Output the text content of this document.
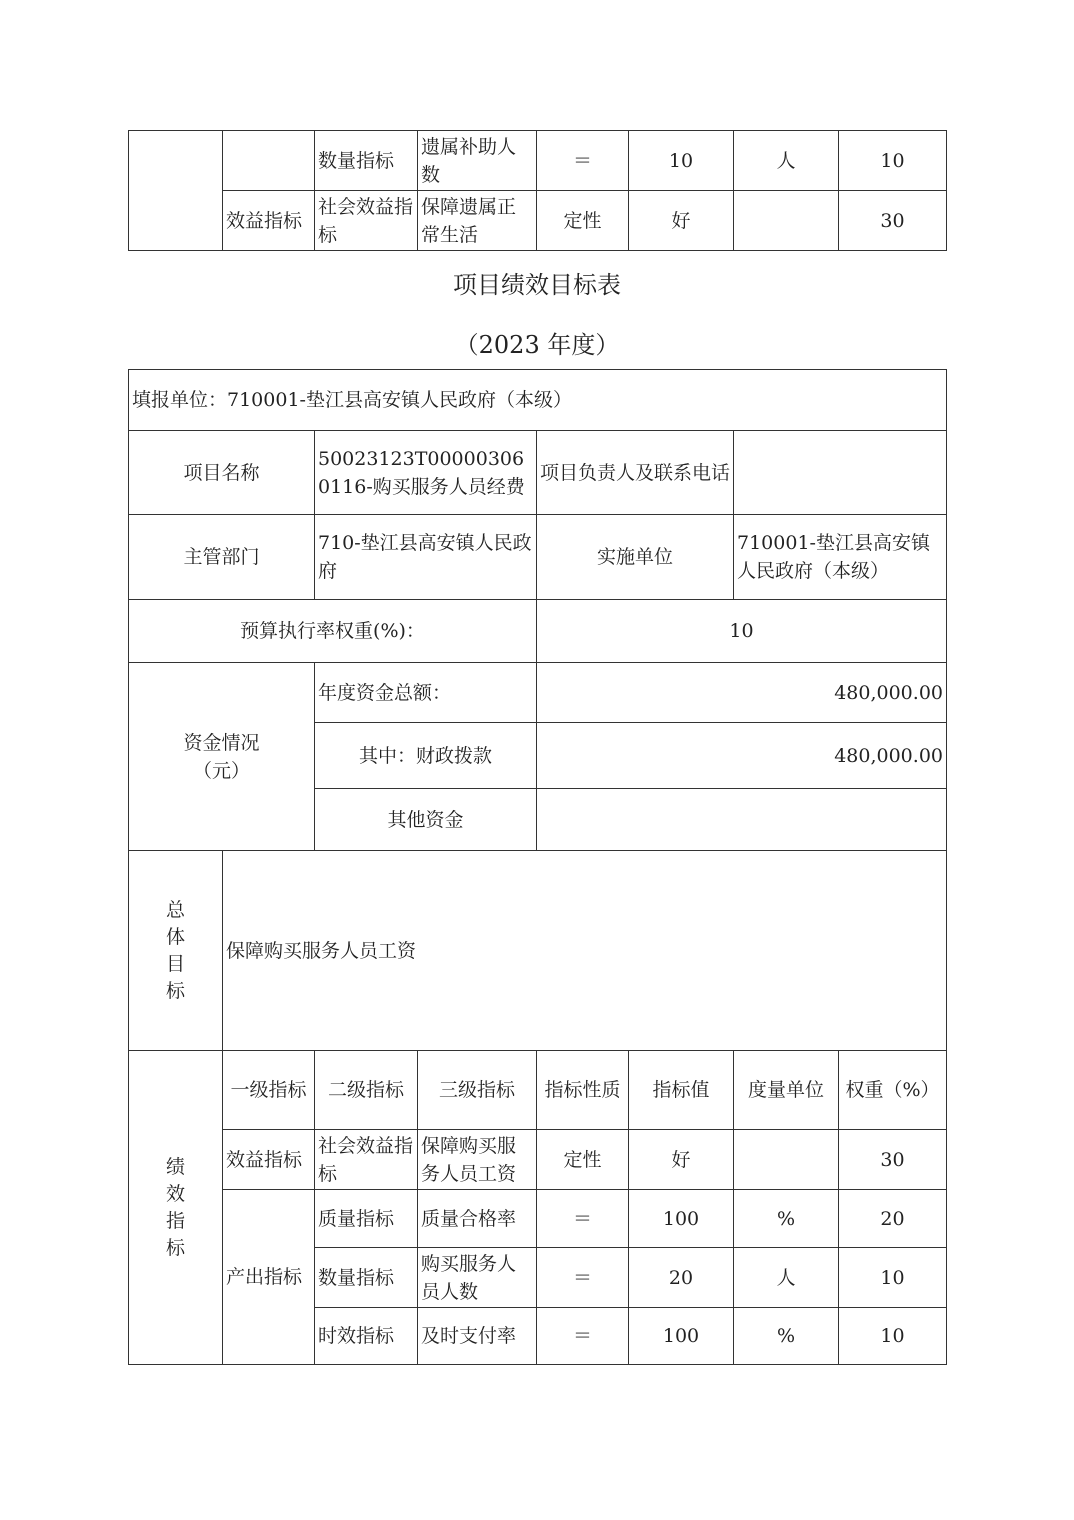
		数量指标	遗属补助人数	＝	10	人	10
	效益指标	社会效益指标	保障遗属正常生活	定性	好		30
项目绩效目标表
（2023 年度）
填报单位：710001-垫江县高安镇人民政府（本级）							
项目名称		50023123T000003060116-购买服务人员经费		项目负责人及联系电话			
主管部门		710-垫江县高安镇人民政府		实施单位		710001-垫江县高安镇人民政府（本级）	
预算执行率权重(%)：				10			
资金情况（元）		年度资金总额：		480,000.00			
		其中：财政拨款		480,000.00			
		其他资金					

总
体
目
标	保障购买服务人员工资						

绩
效
指
标	一级指标	二级指标	三级指标	指标性质	指标值	度量单位	权重（%）
	效益指标	社会效益指标	保障购买服务人员工资	定性	好		30
	产出指标	质量指标	质量合格率	＝	100	%	20
		数量指标	购买服务人员人数	＝	20	人	10
		时效指标	及时支付率	＝	100	%	10
